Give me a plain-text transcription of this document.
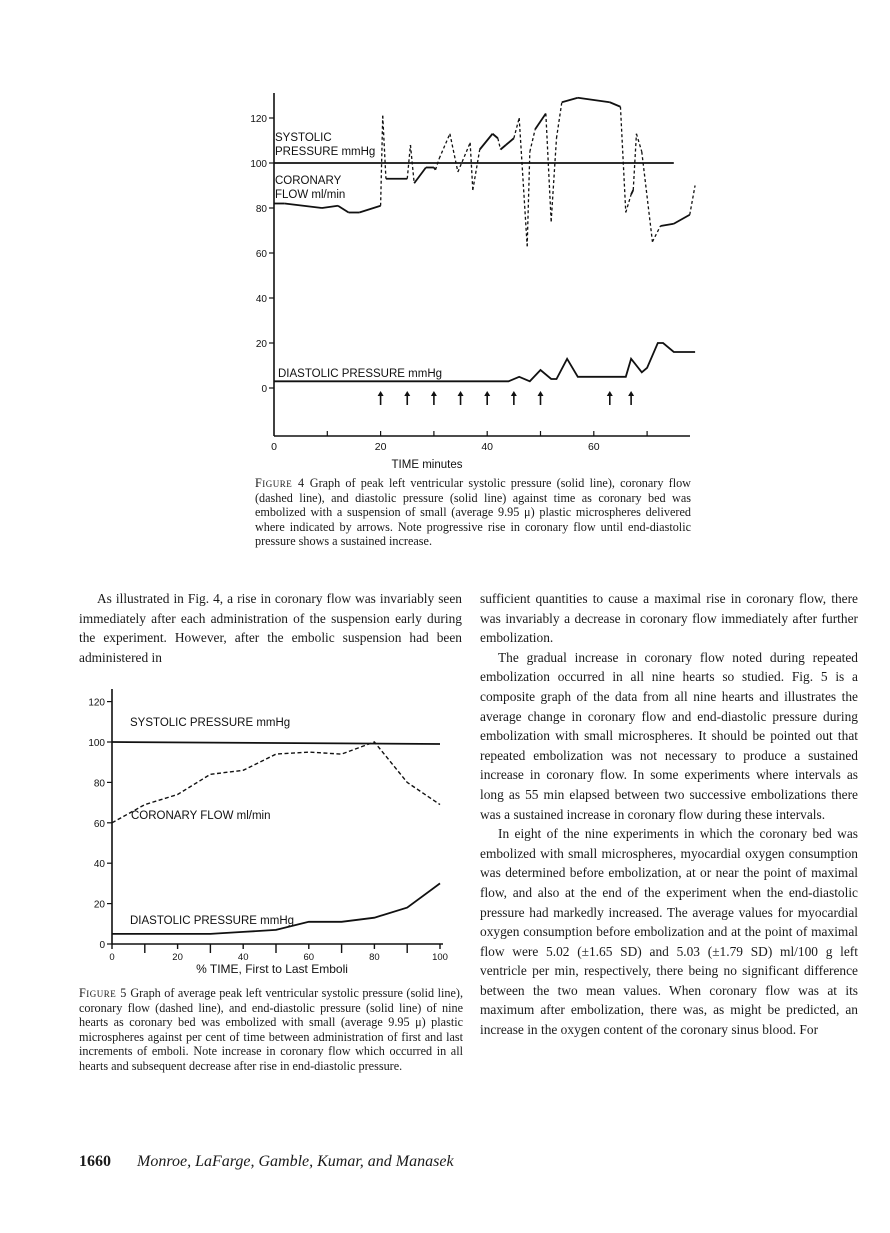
0
20
40
60
80
100
120
0	20	40	60
SYSTOLIC
PRESSURE mmHg
CORONARY
FLOW ml/min
DIASTOLIC PRESSURE mmHg
TIME minutes
Figure 4 Graph of peak left ventricular systolic pressure (solid line), coronary flow (dashed line), and diastolic pressure (solid line) against time as coronary bed was embolized with a suspension of small (average 9.95 μ) plastic microspheres delivered where indicated by arrows. Note progressive rise in coronary flow until end-diastolic pressure shows a sustained increase.

As illustrated in Fig. 4, a rise in coronary flow was invariably seen immediately after each administration of the suspension early during the experiment. However, after the embolic suspension had been administered in

0
20
40
60
80
100
120
0	20	40	60	80	100
SYSTOLIC PRESSURE mmHg
CORONARY FLOW ml/min
DIASTOLIC PRESSURE mmHg
% TIME, First to Last Emboli
Figure 5 Graph of average peak left ventricular systolic pressure (solid line), coronary flow (dashed line), and end-diastolic pressure (solid line) of nine hearts as coronary bed was embolized with small (average 9.95 μ) plastic microspheres against per cent of time between administration of first and last increments of emboli. Note increase in coronary flow which occurred in all hearts and subsequent decrease after rise in end-diastolic pressure.

sufficient quantities to cause a maximal rise in coronary flow, there was invariably a decrease in coronary flow immediately after further embolization.

The gradual increase in coronary flow noted during repeated embolization occurred in all nine hearts so studied. Fig. 5 is a composite graph of the data from all nine hearts and illustrates the average change in coronary flow and end-diastolic pressure during embolization with small microspheres. It should be pointed out that repeated embolization was not necessary to produce a sustained increase in coronary flow. In some experiments where intervals as long as 55 min elapsed between two successive embolizations there was a sustained increase in coronary flow during these intervals.

In eight of the nine experiments in which the coronary bed was embolized with small microspheres, myocardial oxygen consumption was determined before embolization, at or near the point of maximal flow, and also at the end of the experiment when the end-diastolic pressure had markedly increased. The average values for myocardial oxygen consumption before embolization and at the point of maximal flow were 5.02 (±1.65 SD) and 5.03 (±1.79 SD) ml/100 g left ventricle per min, respectively, there being no significant difference between the two mean values. When coronary flow was at its maximum after embolization, there was, as might be predicted, an increase in the oxygen content of the coronary sinus blood. For

1660 Monroe, LaFarge, Gamble, Kumar, and Manasek
